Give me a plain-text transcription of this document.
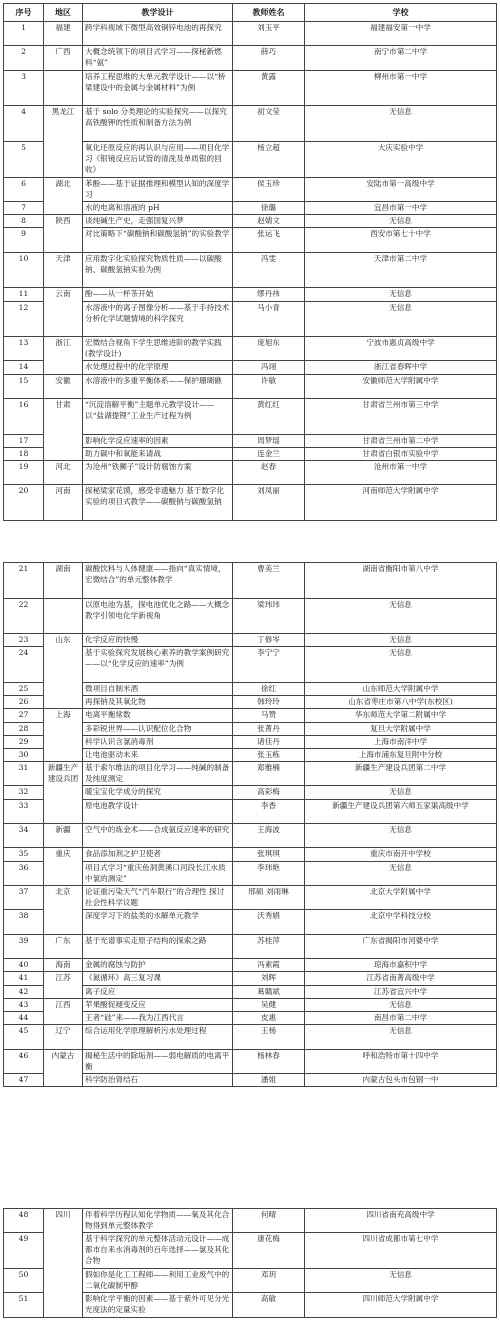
序号	地区	教学设计	教师姓名	学校
1	福建	跨学科视域下微型高效铜锌电池的再探究	刘玉平	福建福安第一中学
2	广西	大概念统领下的项目式学习——探秘新燃料“氨”	薛巧	南宁市第二中学
3		培养工程思维的大单元教学设计——以“桥梁建设中的金属与金属材料”为例	黄露	柳州市第一中学
4	黑龙江	基于 solo 分类理论的实验探究——以探究高铁酸钾的性质和制备方法为例	初文莹	无信息
5		氧化还原反应的再认识与应用——项目化学习《银镜反应后试管的清洗及单质银的回收》	杨立超	大庆实验中学
6	湖北	苯酚——基于证据推理和模型认知的深度学习	侯玉珍	安陆市第一高级中学
7		水的电离和溶液的 pH	徐璐	宜昌市第一中学
8	陕西	谈纯碱生产史，走强国复兴梦	赵婧文	无信息
9		对比策略下“碳酸钠和碳酸氢钠”的实验教学	张运飞	西安市第七十中学
10	天津	应用数字化实验探究物质性质——以碳酸钠、碳酸氢钠实验为例	冯雯	天津市第二中学
11	云南	酚——从一杯茶开始	缪丹祎	无信息
12		水溶液中的离子图像分析——基于手持技术分析化学试题情境的科学探究	马小青	无信息
13	浙江	宏微结合视角下学生思维进阶的教学实践(教学设计)	庞旭东	宁波市惠贞高级中学
14		水处理过程中的化学原理	冯翊	浙江省春晖中学
15	安徽	水溶液中的多重平衡体系——保护珊瑚礁	许敏	安徽师范大学附属中学
16	甘肃	“沉淀溶解平衡”主题单元教学设计——以“盐湖提锂”工业生产过程为例	黄红红	甘肃省兰州市第三中学
17		影响化学反应速率的因素	周梦瑶	甘肃省兰州市第二中学
18		助力碳中和氧能来请战	连金兰	甘肃省白银市实验中学
19	河北	为沧州“铁狮子”设计防腐蚀方案	赵春	沧州市第一中学
20	河南	探秘梁家花馍，感受非遗魅力 基于数字化实验的项目式教学——碳酸钠与碳酸氢钠	刘凤丽	河南师范大学附属中学
21	湖南	碳酸饮料与人体健康——指向“真实情境，宏微结合”的单元整体教学	曹美兰	湖南省衡阳市第八中学
22		以原电池为基，探电池优化之路——大概念教学引领电化学新视角	梁玮玮	无信息
23	山东	化学反应的快慢	丁修岑	无信息
24		基于实验探究发展核心素养的教学案例研究——以“化学反应的速率”为例	李宁宁	无信息
25		微项目自制米酒	徐红	山东师范大学附属中学
26		再探钠及其氧化物	韩玲玲	山东省枣庄市第八中学(东校区)
27	上海	电离平衡常数	马赞	华东师范大学第二附属中学
28		多彩锐世界——认识配位化合物	张菁丹	复旦大学附属中学
29		科学认识含氯消毒剂	诸佳丹	上海市南洋中学
30		让电池驱动未来	张玉栋	上海市浦东复旦附中分校
31	新疆生产建设兵团	基于索尔维法的项目化学习——纯碱的制备及纯度测定	郑雅楠	新疆生产建设兵团第二中学
32		暖宝宝化学成分的探究	高彩梅	无信息
33		原电池教学设计	李香	新疆生产建设兵团第六师五家渠高级中学
34	新疆	空气中的炼金术——合成氨反应速率的研究	王海波	无信息
35	重庆	食品添加剂之护卫使者	张琪琪	重庆市南开中学校
36		项目式学习“重庆鱼洞黄溪口河段长江水质中氯的测定”	李玮艳	无信息
37	北京	论证重污染天气“汽车限行”的合理性 探讨社会性科学议题	邢硕 刘雨琳	北京大学附属中学
38		深度学习下的盐类的水解单元教学	沃秀娟	北京中学科技分校
39	广东	基于光谱事实走原子结构的探索之路	苏桂萍	广东省揭阳市河婆中学
40	海南	金属的腐蚀与防护	冯素霞	琼海市嘉积中学
41	江苏	《氮循环》高三复习课	刘晖	江苏省南菁高级中学
42		离子反应	葛赣斌	江苏省宜兴中学
43	江西	苹果酸促褪变反应	吴健	无信息
44		王者“硅”来——我为江西代言	皮惠	南昌市第二中学
45	辽宁	综合运用化学原理解析污水处理过程	王杨	无信息
46	内蒙古	揭秘生活中的除垢剂——弱电解质的电离平衡	杨林春	呼和浩特市第十四中学
47		科学防治肾结石	潘姐	内蒙古包头市包钢一中
48	四川	伴着科学历程认知化学物质——氧及其化合物得到单元整体教学	何晴	四川省南充高级中学
49		基于科学探究的单元整体活动元设计——成都市自来水消毒剂的百年选择——氯及其化合物	康花梅	四川省成都市第七中学
50		假如你是化工工程师——利用工业废气中的二氧化碳制甲醇	邓玥	无信息
51		影响化学平衡的因素——基于紫外可见分光光度法的定量实验	高敏	四川师范大学附属中学
